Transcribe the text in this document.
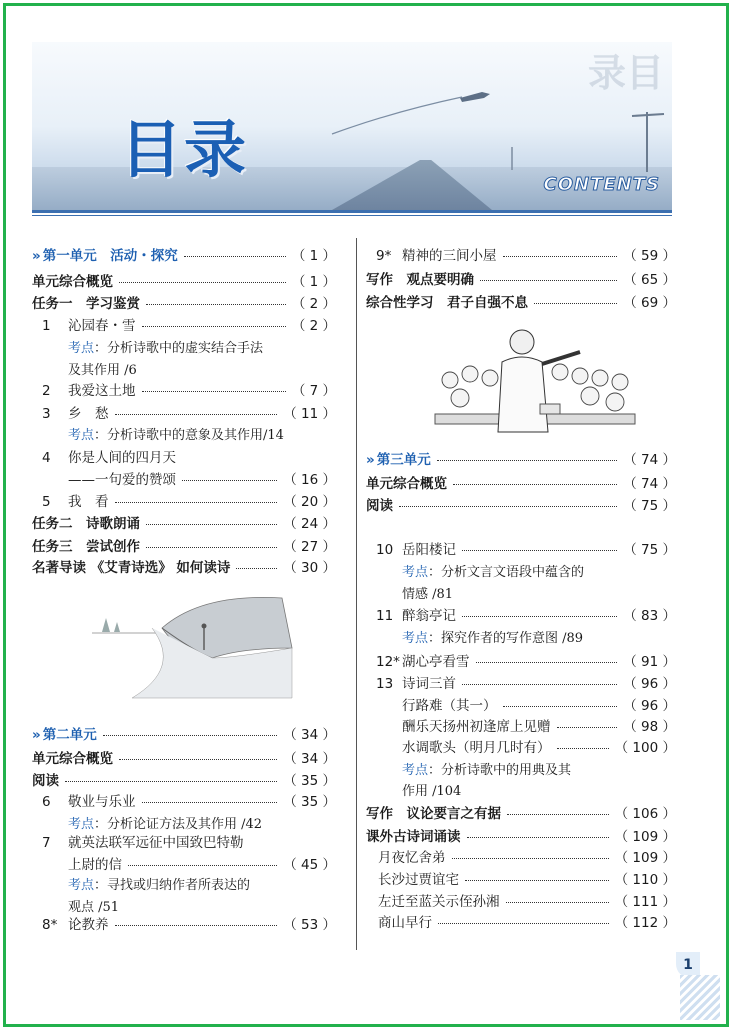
录目
目录	CONTENTS
» 第一单元　活动・探究	（ 1 ）
单元综合概览	（ 1 ）
任务一　学习鉴赏	（ 2 ）
1 沁园春・雪	（ 2 ）
考点：分析诗歌中的虚实结合手法
及其作用 /6
2 我爱这土地	（ 7 ）
3 乡　愁	（ 11 ）
考点：分析诗歌中的意象及其作用/14
4 你是人间的四月天
——一句爱的赞颂	（ 16 ）
5 我　看	（ 20 ）
任务二　诗歌朗诵	（ 24 ）
任务三　尝试创作	（ 27 ）
名著导读 《艾青诗选》 如何读诗	（ 30 ）
» 第二单元	（ 34 ）
单元综合概览	（ 34 ）
阅读	（ 35 ）
6 敬业与乐业	（ 35 ）
考点：分析论证方法及其作用 /42
7 就英法联军远征中国致巴特勒
上尉的信	（ 45 ）
考点：寻找或归纳作者所表达的
观点 /51
8* 论教养	（ 53 ）
9* 精神的三间小屋	（ 59 ）
写作　观点要明确	（ 65 ）
综合性学习　君子自强不息	（ 69 ）
» 第三单元	（ 74 ）
单元综合概览	（ 74 ）
阅读	（ 75 ）
10 岳阳楼记	（ 75 ）
考点：分析文言文语段中蕴含的
情感 /81
11 醉翁亭记	（ 83 ）
考点：探究作者的写作意图 /89
12* 湖心亭看雪	（ 91 ）
13 诗词三首	（ 96 ）
行路难（其一）	（ 96 ）
酬乐天扬州初逢席上见赠	（ 98 ）
水调歌头（明月几时有）	（ 100 ）
考点：分析诗歌中的用典及其
作用 /104
写作　议论要言之有据	（ 106 ）
课外古诗词诵读	（ 109 ）
月夜忆舍弟	（ 109 ）
长沙过贾谊宅	（ 110 ）
左迁至蓝关示侄孙湘	（ 111 ）
商山早行	（ 112 ）
1
